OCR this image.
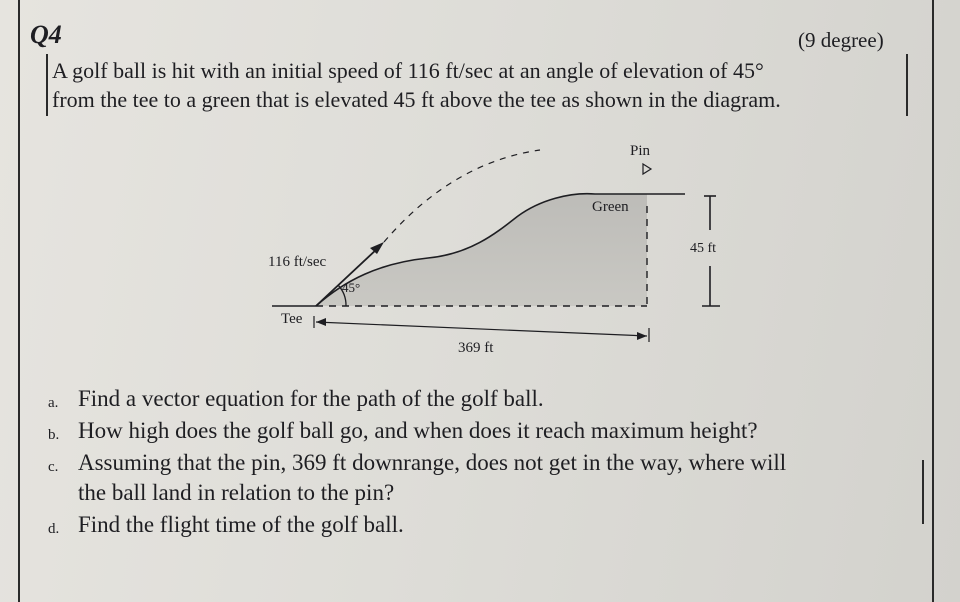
Q4	(9 degree)
A golf ball is hit with an initial speed of 116 ft/sec at an angle of elevation of 45°
from the tee to a green that is elevated 45 ft above the tee as shown in the diagram.
45°
116 ft/sec
Tee
Green
Pin
45 ft
369 ft
a. Find a vector equation for the path of the golf ball.
b. How high does the golf ball go, and when does it reach maximum height?
c. Assuming that the pin, 369 ft downrange, does not get in the way, where will
the ball land in relation to the pin?
d. Find the flight time of the golf ball.
